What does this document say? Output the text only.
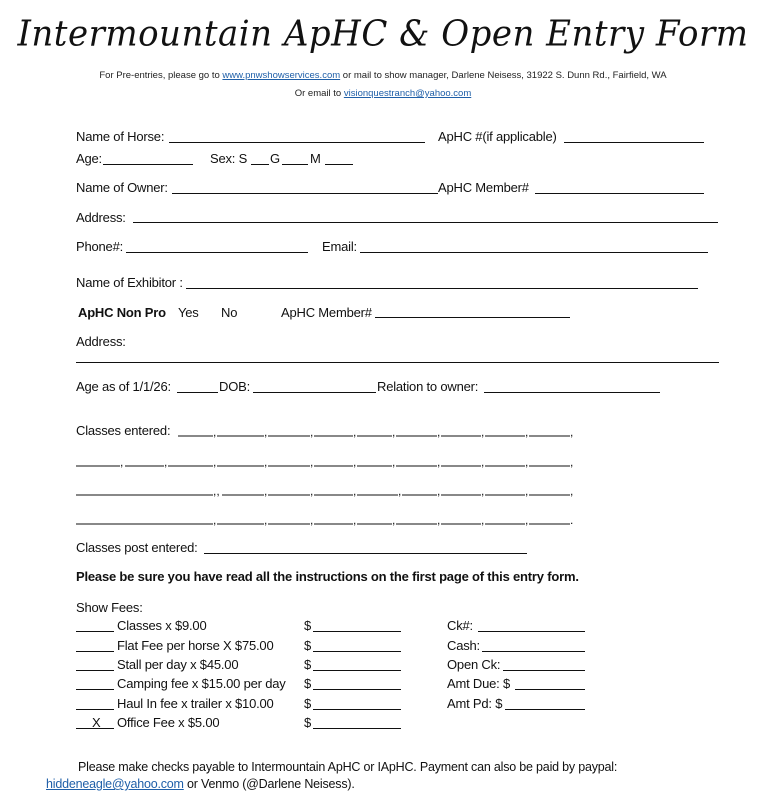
Intermountain ApHC & Open Entry Form
For Pre-entries, please go to www.pnwshowservices.com or mail to show manager, Darlene Neisess, 31922 S. Dunn Rd., Fairfield, WA
Or email to visionquestranch@yahoo.com
Name of Horse:	ApHC #(if applicable)
Age:	Sex: S G M
Name of Owner:	ApHC Member#
Address:
Phone#:	Email:
Name of Exhibitor :
ApHC Non Pro Yes No	ApHC Member#
Address:
Age as of 1/1/26:	DOB:	Relation to owner:
Classes entered:	,	,	,	,	,	,	,	,	,
,	,	,	,	,	,	,	,	,	,	,
,,	,	,	,	,	,	,	,	,
,	,	,	,	,	,	,	,	.
Classes post entered:
Please be sure you have read all the instructions on the first page of this entry form.
Show Fees:
Classes x $9.00	$	Ck#:
Flat Fee per horse X $75.00 $	Cash:
Stall per day x $45.00	$	Open Ck:
Camping fee x $15.00 per day $	Amt Due: $
Haul In fee x trailer x $10.00 $	Amt Pd: $
X Office Fee x $5.00	$
Please make checks payable to Intermountain ApHC or IApHC. Payment can also be paid by paypal:
hiddeneagle@yahoo.com or Venmo (@Darlene Neisess).
